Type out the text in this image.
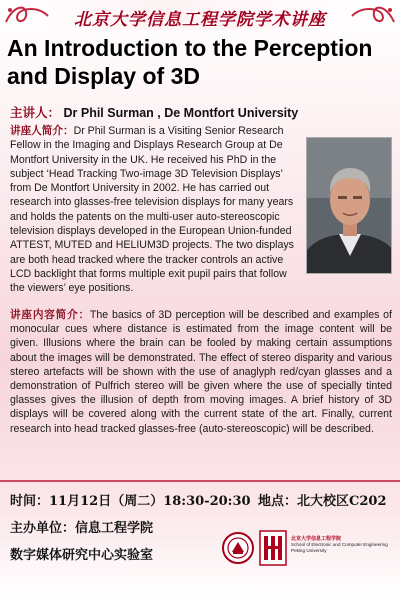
北京大学信息工程学院学术讲座
An Introduction to the Perception and Display of 3D
主讲人： Dr Phil Surman , De Montfort University

讲座人简介：Dr Phil Surman is a Visiting Senior Research Fellow in the Imaging and Displays Research Group at De Montfort University in the UK. He received his PhD in the subject ‘Head Tracking Two-image 3D Television Displays’ from De Montfort University in 2002. He has carried out research into glasses-free television displays for many years and holds the patents on the multi-user auto-stereoscopic television displays developed in the European Union-funded ATTEST, MUTED and HELIUM3D projects. The two displays are both head tracked where the tracker controls an active LCD backlight that forms multiple exit pupil pairs that follow the viewers’ eye positions.

讲座内容简介：The basics of 3D perception will be described and examples of monocular cues where distance is estimated from the image content will be given. Illusions where the brain can be fooled by making certain assumptions about the images will be demonstrated. The effect of stereo disparity and various stereo artefacts will be shown with the use of anaglyph red/cyan glasses and a demonstration of Pulfrich stereo will be given where the use of specially tinted glasses gives the illusion of depth from moving images. A brief history of 3D displays will be covered along with the current state of the art. Finally, current research into head tracked glasses-free (auto-stereoscopic) will be described.

时间：11月12日（周二）18:30-20:30 地点：北大校区C202
主办单位：信息工程学院
数字媒体研究中心实验室
北京大学信息工程学院
School of Electronic and Computer Engineering
Peking University
